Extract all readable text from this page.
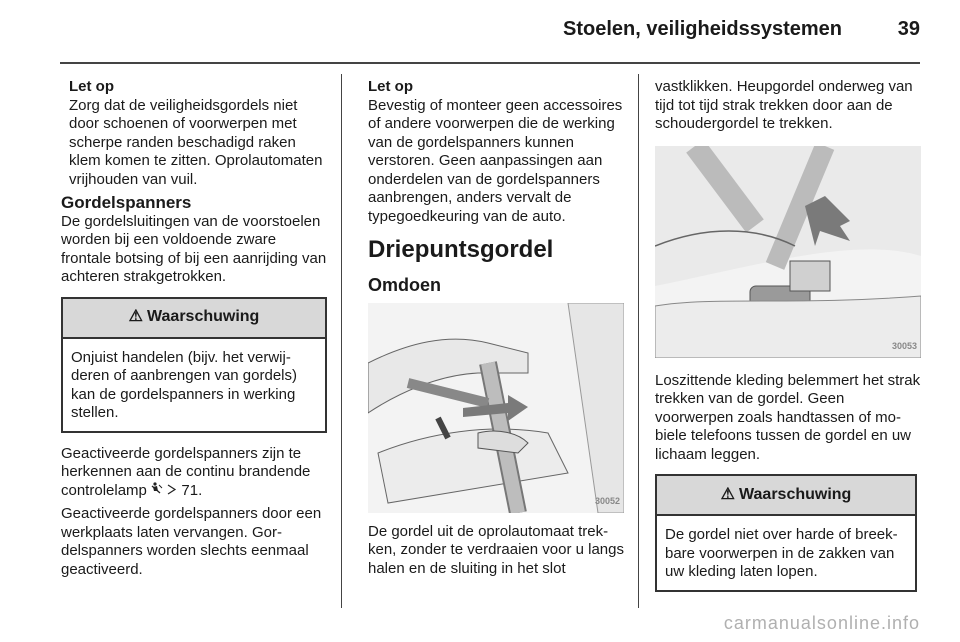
Stoelen, veiligheidssystemen	39
Let op

Zorg dat de veiligheidsgordels niet door schoenen of voorwerpen met scherpe randen beschadigd raken klem komen te zitten. Oprolautomaten vrijhouden van vuil.

Gordelspanners

De gordelsluitingen van de voorstoelen worden bij een voldoende zware frontale botsing of bij een aanrijding van achteren strakgetrokken.

⚠ Waarschuwing
Onjuist handelen (bijv. het verwijderen of aanbrengen van gordels) kan de gordelspanners in werking stellen.

Geactiveerde gordelspanners zijn te herkennen aan de continu brandende controlelamp 71.

Geactiveerde gordelspanners door een werkplaats laten vervangen. Gordelspanners worden slechts eenmaal geactiveerd.

Let op

Bevestig of monteer geen accessoires of andere voorwerpen die de werking van de gordelspanners kunnen verstoren. Geen aanpassingen aan onderdelen van de gordelspanners aanbrengen, anders vervalt de typegoedkeuring van de auto.

Driepuntsgordel
Omdoen
30052

De gordel uit de oprolautomaat trekken, zonder te verdraaien voor u langs halen en de sluiting in het slot

vastklikken. Heupgordel onderweg van tijd tot tijd strak trekken door aan de schoudergordel te trekken.

30053

Loszittende kleding belemmert het strak trekken van de gordel. Geen voorwerpen zoals handtassen of mobiele telefoons tussen de gordel en uw lichaam leggen.

⚠ Waarschuwing
De gordel niet over harde of breekbare voorwerpen in de zakken van uw kleding laten lopen.
carmanualsonline.info
